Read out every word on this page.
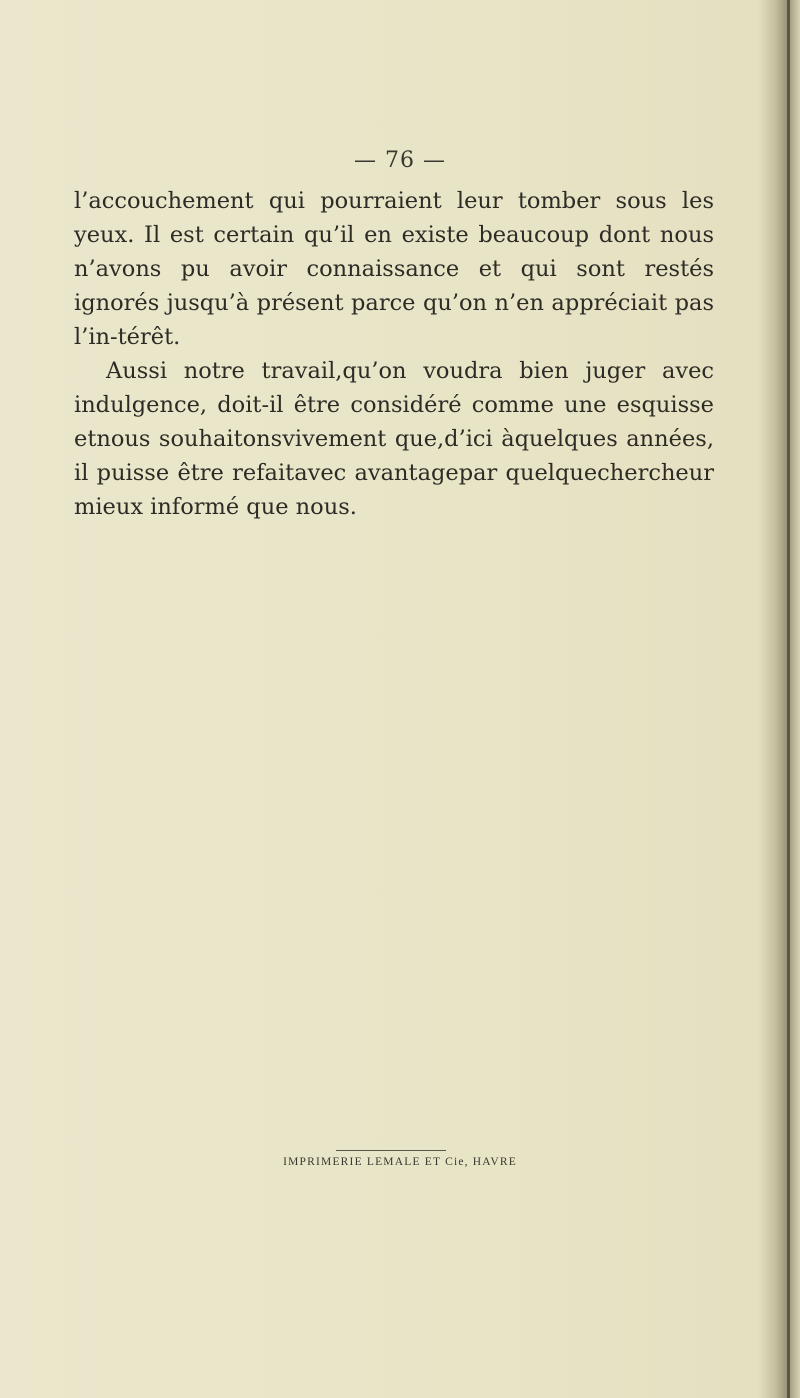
— 76 —

l’accouchement qui pourraient leur tomber sous les yeux. Il est certain qu’il en existe beaucoup dont nous n’avons pu avoir connaissance et qui sont restés ignorés jusqu’à présent parce qu’on n’en appréciait pas l’in-térêt.

Aussi notre travail,qu’on voudra bien juger avec indulgence, doit-il être considéré comme une esquisse etnous souhaitonsvivement que,d’ici àquelques années, il puisse être refaitavec avantagepar quelquechercheur mieux informé que nous.

IMPRIMERIE LEMALE ET Cie, HAVRE
